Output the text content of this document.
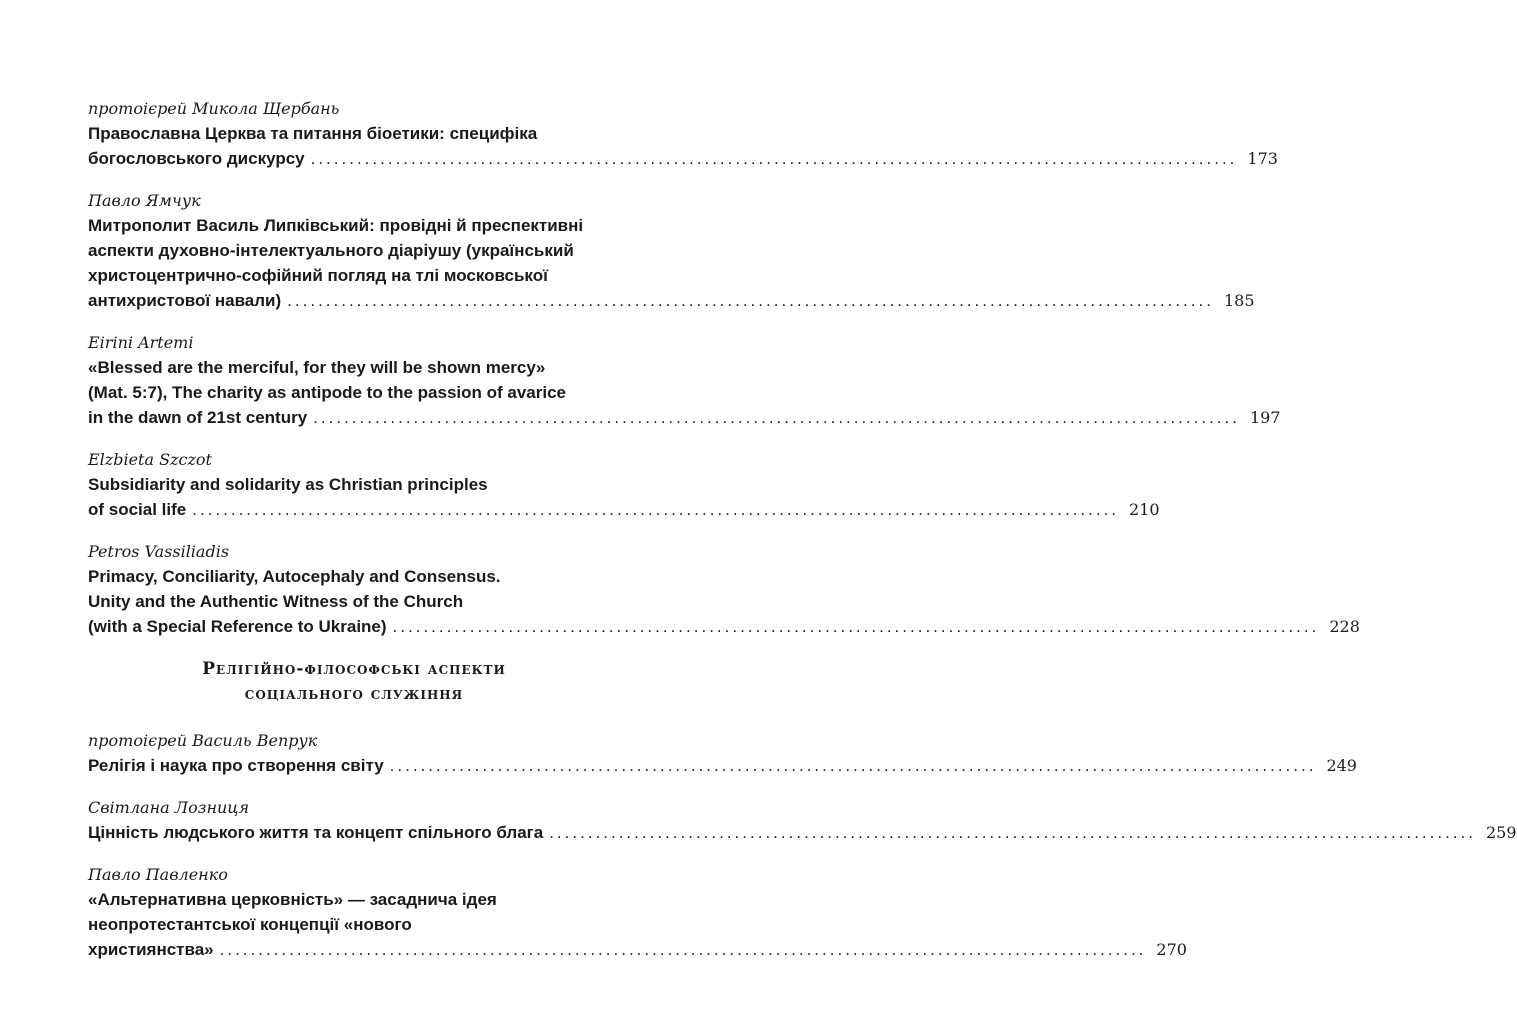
протоієрей Микола Щербань
Православна Церква та питання біоетики: специфіка
богословського дискурсу ........................................................................................................................ 173
Павло Ямчук
Митрополит Василь Липківський: провідні й преспективні
аспекти духовно-інтелектуального діаріушу (український
христоцентрично-софійний погляд на тлі московської
антихристової навали) ........................................................................................................................ 185
Eirini Artemi
«Blessed are the merciful, for they will be shown mercy»
(Mat. 5:7), The charity as antipode to the passion of avarice
in the dawn of 21st century ........................................................................................................................ 197
Elzbieta Szczot
Subsidiarity and solidarity as Christian principles
of social life ........................................................................................................................ 210
Petros Vassiliadis
Primacy, Conciliarity, Autocephaly and Consensus.
Unity and the Authentic Witness of the Church
(with a Special Reference to Ukraine) ........................................................................................................................ 228
Релігійно-філософські аспекти
соціального служіння
протоієрей Василь Вепрук
Релігія і наука про створення світу ........................................................................................................................ 249
Світлана Лозниця
Цінність людського життя та концепт спільного блага ........................................................................................................................ 259
Павло Павленко
«Альтернативна церковність» — засаднича ідея
неопротестантської концепції «нового
християнства» ........................................................................................................................ 270
